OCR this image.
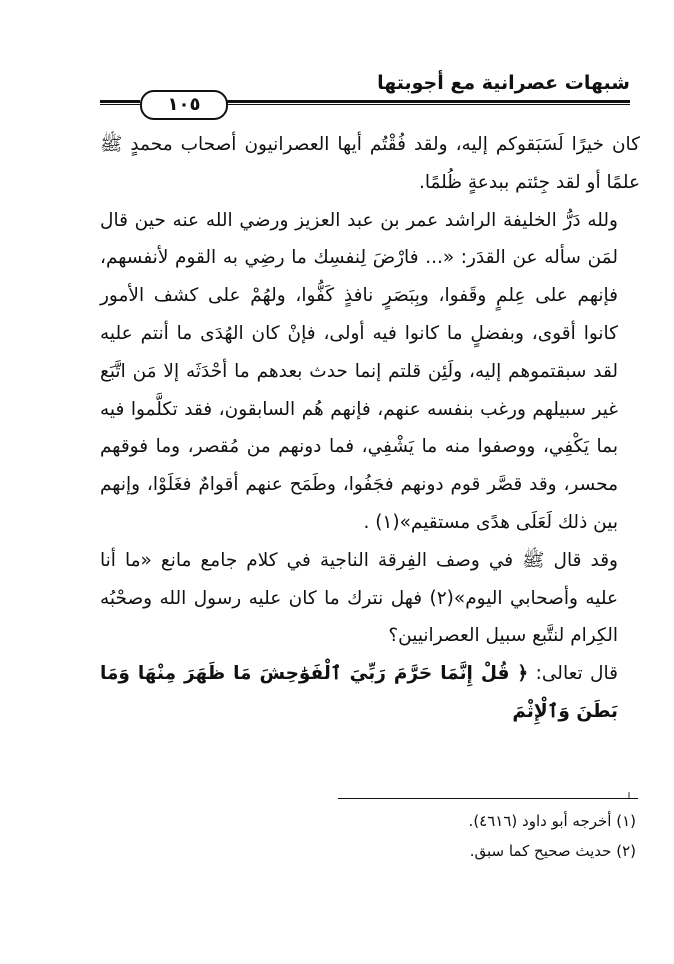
شبهات عصرانية مع أجوبتها
١٠٥

كان خيرًا لَسَبَقوكم إليه، ولقد فُقْتُم أيها العصرانيون أصحاب محمدٍ ﷺ علمًا أو لقد جِئتم ببدعةٍ ظُلمًا.

ولله دَرُّ الخليفة الراشد عمر بن عبد العزيز ورضي الله عنه حين قال لمَن سأله عن القدَر: «... فارْضَ لِنفسِك ما رضِي به القوم لأنفسهم، فإنهم على عِلمٍ وقَفوا، وبِبَصَرٍ نافذٍ كَفُّوا، ولهُمْ على كشف الأمور كانوا أقوى، وبفضلٍ ما كانوا فيه أولى، فإنْ كان الهُدَى ما أنتم عليه لقد سبقتموهم إليه، ولَئِن قلتم إنما حدث بعدهم ما أحْدَثَه إلا مَن اتَّبَع غير سبيلهم ورغب بنفسه عنهم، فإنهم هُم السابقون، فقد تكلَّموا فيه بما يَكْفِي، ووصفوا منه ما يَشْفِي، فما دونهم من مُقصر، وما فوقهم محسر، وقد قصَّر قوم دونهم فجَفُوا، وطَمَح عنهم أقوامٌ فغَلَوْا، وإنهم بين ذلك لَعَلَى هدًى مستقيم»(١) .

وقد قال ﷺ في وصف الفِرقة الناجية في كلام جامع مانع «ما أنا عليه وأصحابي اليوم»(٢) فهل نترك ما كان عليه رسول الله وصحْبُه الكِرام لنتَّبع سبيل العصرانيين؟

قال تعالى: ﴿ قُلْ إِنَّمَا حَرَّمَ رَبِّيَ ٱلْفَوَٰحِشَ مَا ظَهَرَ مِنْهَا وَمَا بَطَنَ وَٱلْإِثْمَ

(١) أخرجه أبو داود (٤٦١٦).
(٢) حديث صحيح كما سبق.
